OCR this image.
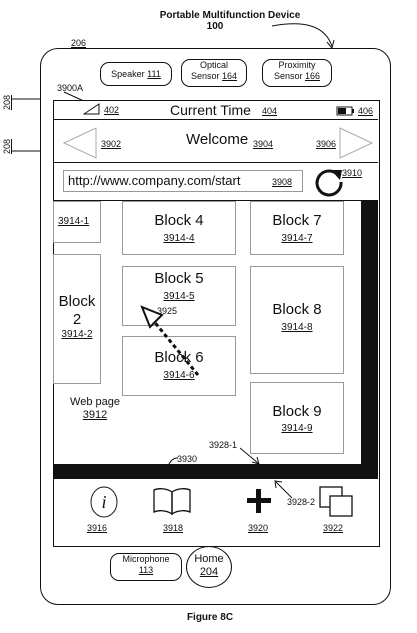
Portable Multifunction Device
100
206
208
208
3900A
Speaker 111
Optical
Sensor 164
Proximity
Sensor 166
402	Current Time 404	406
3902	Welcome 3904	3906
http://www.company.com/start	3908
3910
3914-1
Block
2
3914-2
Block 4
3914-4
Block 5
3914-5
Block 6
3914-6
Block 7
3914-7
Block 8
3914-8
Block 9
3914-9
Web page
3912
3925
3928-1
3930
3928-2
i
3916	3918	3920	3922
Microphone
113
Home
204
Figure 8C
